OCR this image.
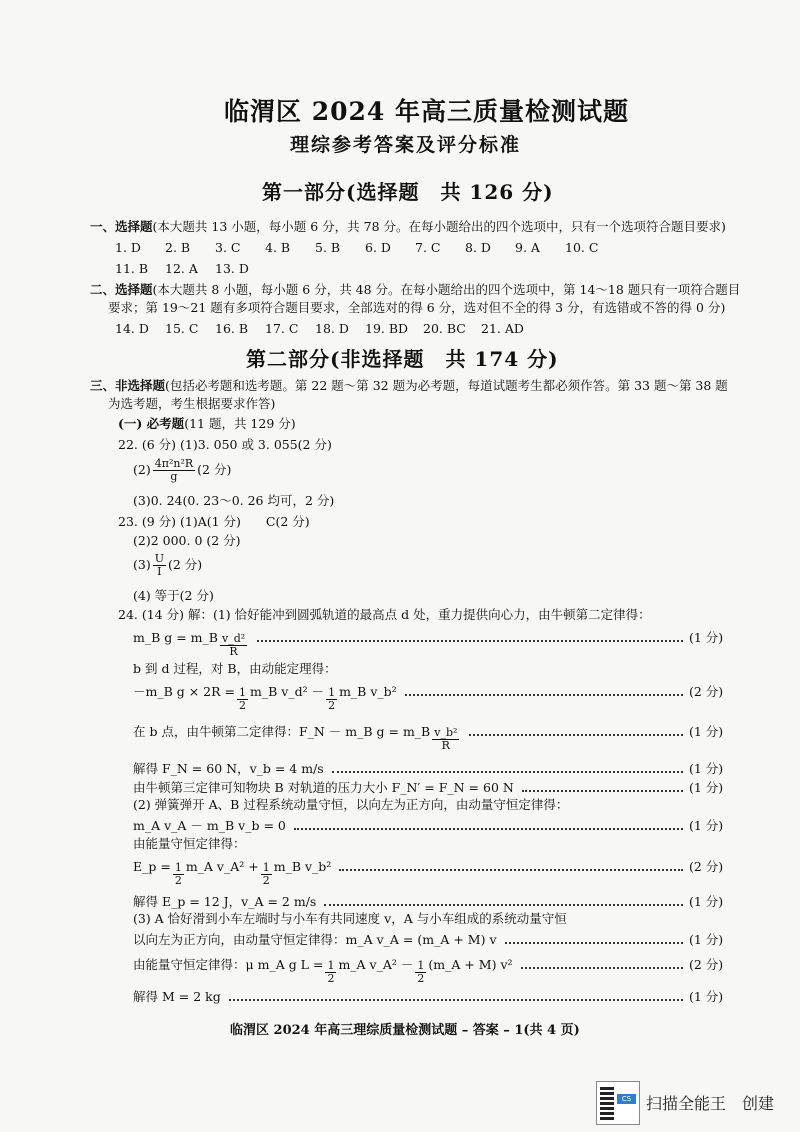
临渭区 2024 年高三质量检测试题
理综参考答案及评分标准
第一部分(选择题　共 126 分)
一、选择题(本大题共 13 小题，每小题 6 分，共 78 分。在每小题给出的四个选项中，只有一个选项符合题目要求)
1. D 2. B 3. C 4. B 5. B 6. D 7. C 8. D 9. A 10. C
11. B 12. A 13. D
二、选择题(本大题共 8 小题，每小题 6 分，共 48 分。在每小题给出的四个选项中，第 14～18 题只有一项符合题目
要求；第 19～21 题有多项符合题目要求，全部选对的得 6 分，选对但不全的得 3 分，有选错或不答的得 0 分)
14. D 15. C 16. B 17. C 18. D 19. BD 20. BC 21. AD
第二部分(非选择题　共 174 分)
三、非选择题(包括必考题和选考题。第 22 题～第 32 题为必考题，每道试题考生都必须作答。第 33 题～第 38 题
为选考题，考生根据要求作答)
(一) 必考题(11 题，共 129 分)
22. (6 分) (1)3. 050 或 3. 055(2 分)
$(2) \frac{\text{4π²n²R}}{g} (2$ 分)
(3)0. 24(0. 23～0. 26 均可，2 分)
23. (9 分) (1)A(1 分)　　C(2 分)
(2)2 000. 0 (2 分)
$(3) \frac{U}{I} (2$ 分)
(4) 等于(2 分)
24. (14 分) 解：(1) 恰好能冲到圆弧轨道的最高点 d 处，重力提供向心力，由牛顿第二定律得：
m_B g = m_B $\frac{\text{v\_d²}}{R}$	(1 分)
b 到 d 过程，对 B，由动能定理得：
－m_B $g \times 2R = \frac{1}{2}$ m_B v_d² － $\frac{1}{2}$ m_B v_b²	(2 分)
在 b 点，由牛顿第二定律得：F_N － m_B g = m_B $\frac{\text{v\_b²}}{R}$	(1 分)
解得 F_N = 60 N，v_b = 4 m/s	(1 分)
由牛顿第三定律可知物块 B 对轨道的压力大小 F_N′ = F_N = 60 N	(1 分)
(2) 弹簧弹开 A、B 过程系统动量守恒，以向左为正方向，由动量守恒定律得：
m_A v_A － m_B v_b = 0	(1 分)
由能量守恒定律得：
E_p = $\frac{1}{2}$ m_A v_A² + $\frac{1}{2}$ m_B v_b²	(2 分)
解得 E_p = 12 J，v_A = 2 m/s	(1 分)
(3) A 恰好滑到小车左端时与小车有共同速度 v，A 与小车组成的系统动量守恒
以向左为正方向，由动量守恒定律得：m_A v_A = (m_A + M) v	(1 分)
由能量守恒定律得：μ m_A g $L = \frac{1}{2}$ m_A v_A² － $\frac{1}{2}$ (m_A + M) v²	(2 分)
解得 M = 2 kg	(1 分)
临渭区 2024 年高三理综质量检测试题 – 答案 – 1(共 4 页)
CS 扫描全能王　创建
